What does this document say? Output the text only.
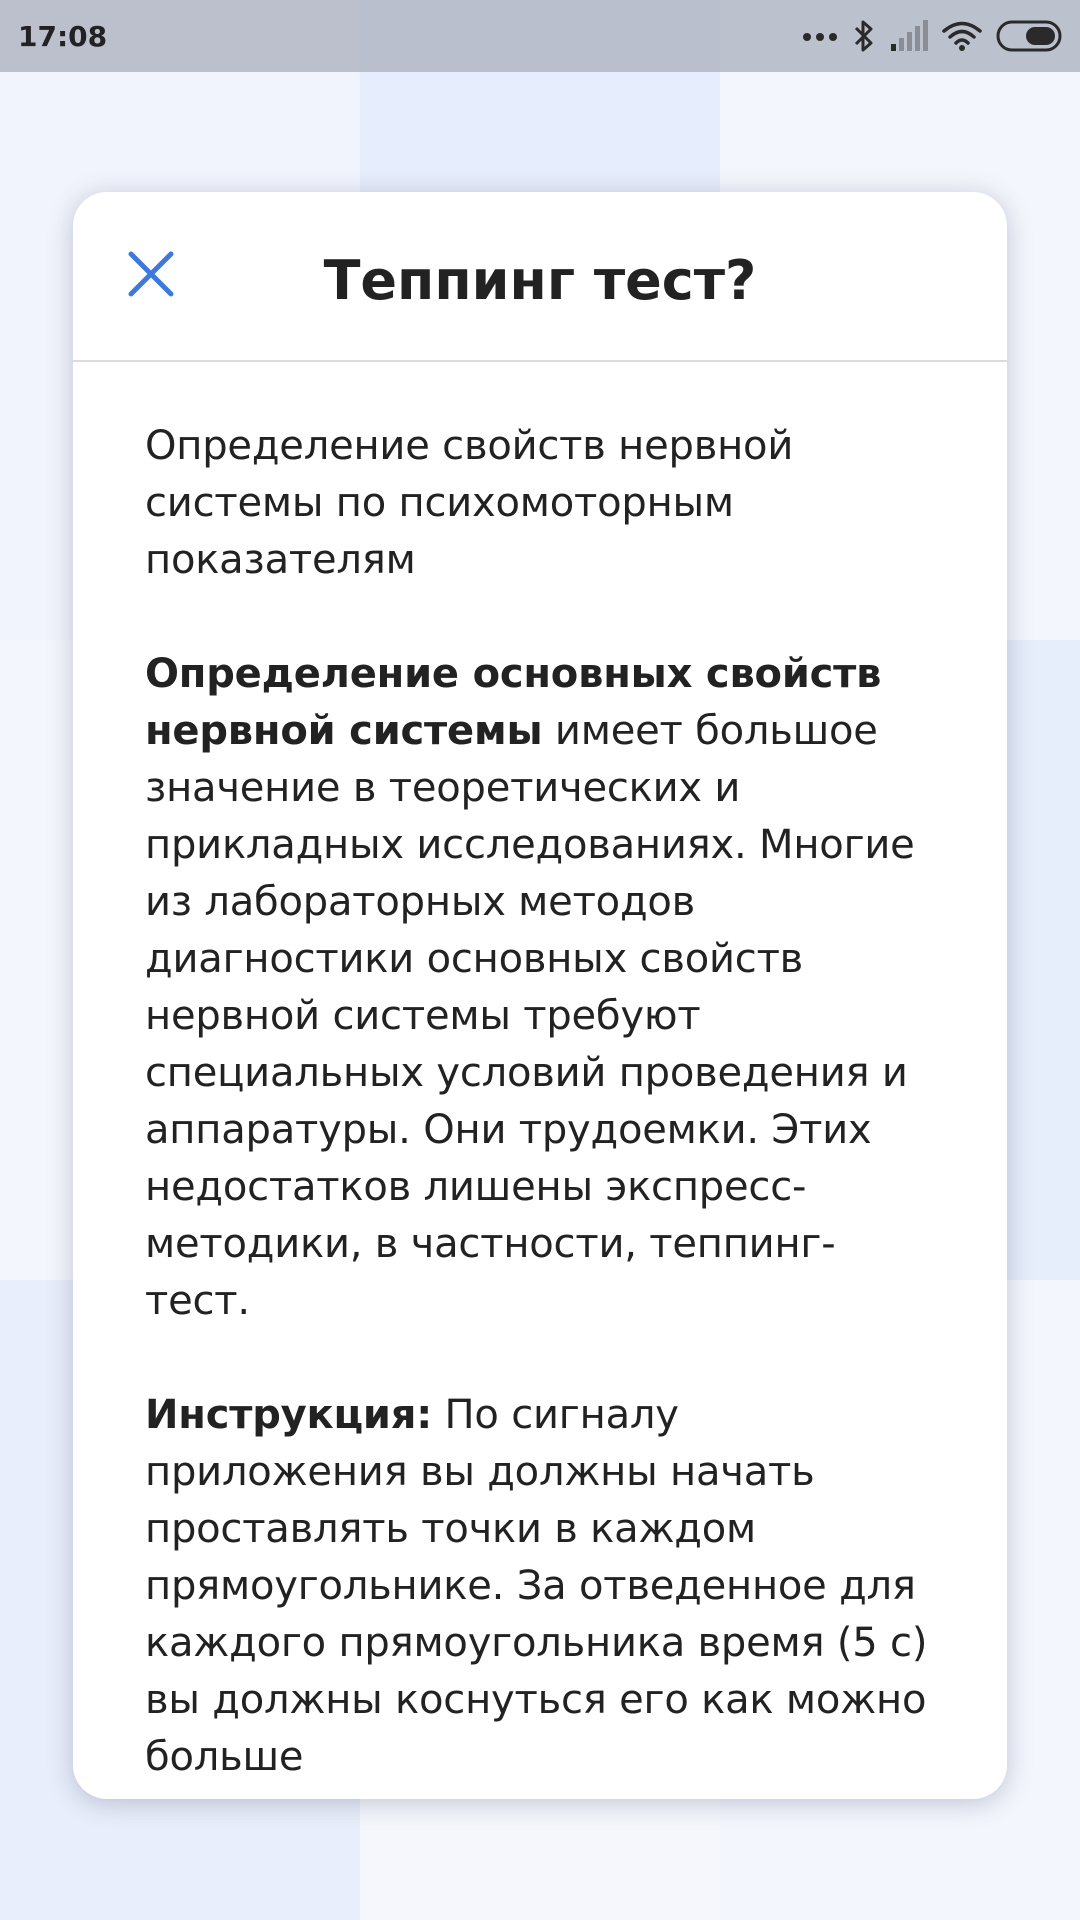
17:08
Теппинг тест?

Определение свойств нервной системы по психомоторным показателям

Определение основных свойств нервной системы имеет большое значение в теоретических и прикладных исследованиях. Многие из лабораторных методов диагностики основных свойств нервной системы требуют специальных условий проведения и аппаратуры. Они трудоемки. Этих недостатков лишены экспресс-методики, в частности, теппинг-тест.

Инструкция: По сигналу приложения вы должны начать проставлять точки в каждом прямоугольнике. За отведенное для каждого прямоугольника время (5 с) вы должны коснуться его как можно больше
